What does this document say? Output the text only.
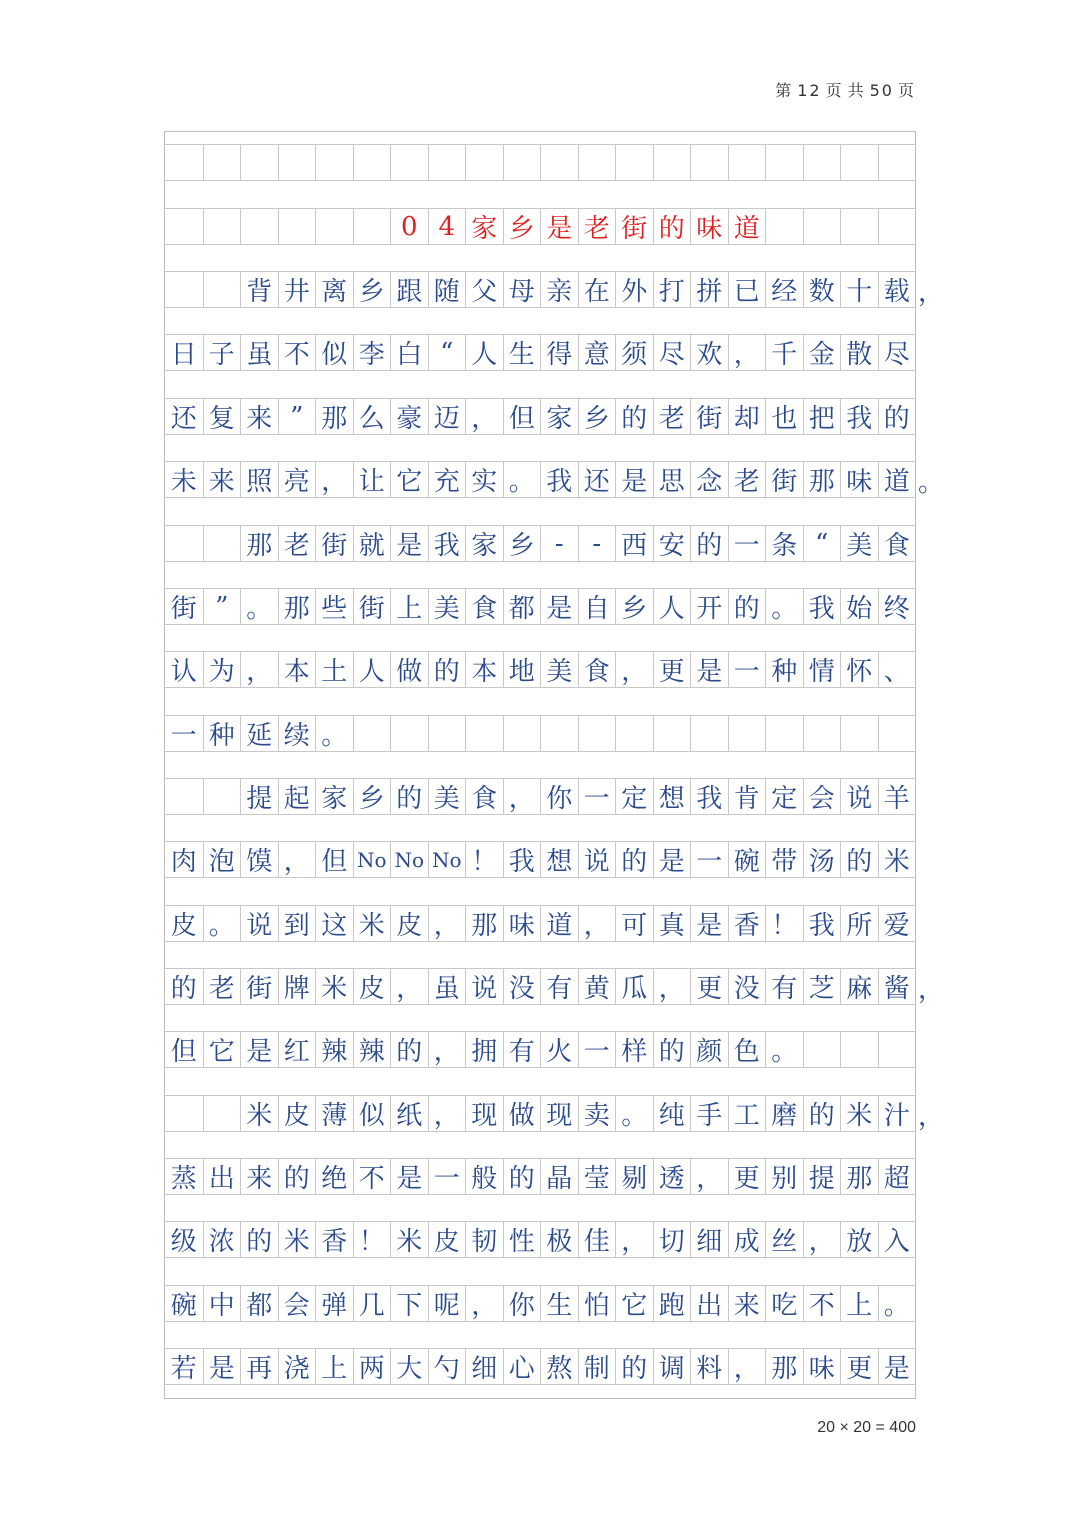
第 12 页 共 50 页
0 4 家 乡 是 老 街 的 味 道
背 井 离 乡 跟 随 父 母 亲 在 外 打 拼 已 经 数 十 载
日 子 虽 不 似 李 白 “ 人 生 得 意 须 尽 欢 ， 千 金 散 尽
还 复 来 ” 那 么 豪 迈 ， 但 家 乡 的 老 街 却 也 把 我 的
未 来 照 亮 ， 让 它 充 实 。 我 还 是 思 念 老 街 那 味 道
那 老 街 就 是 我 家 乡 -	- 西 安 的 一 条 “ 美 食
街 ” 。 那 些 街 上 美 食 都 是 自 乡 人 开 的 。 我 始 终
认 为 ， 本 土 人 做 的 本 地 美 食 ， 更 是 一 种 情 怀 、
一 种 延 续 。
提 起 家 乡 的 美 食 ， 你 一 定 想 我 肯 定 会 说 羊
肉 泡 馍 ， 但 No No No ！ 我 想 说 的 是 一 碗 带 汤 的 米
皮 。 说 到 这 米 皮 ， 那 味 道 ， 可 真 是 香 ！ 我 所 爱
的 老 街 牌 米 皮 ， 虽 说 没 有 黄 瓜 ， 更 没 有 芝 麻 酱
但 它 是 红 辣 辣 的 ， 拥 有 火 一 样 的 颜 色 。
米 皮 薄 似 纸 ， 现 做 现 卖 。 纯 手 工 磨 的 米 汁
蒸 出 来 的 绝 不 是 一 般 的 晶 莹 剔 透 ， 更 别 提 那 超
级 浓 的 米 香 ！ 米 皮 韧 性 极 佳 ， 切 细 成 丝 ， 放 入
碗 中 都 会 弹 几 下 呢 ， 你 生 怕 它 跑 出 来 吃 不 上 。
若 是 再 浇 上 两 大 勺 细 心 熬 制 的 调 料 ， 那 味 更 是
20 × 20 = 400
，
。
，
，
